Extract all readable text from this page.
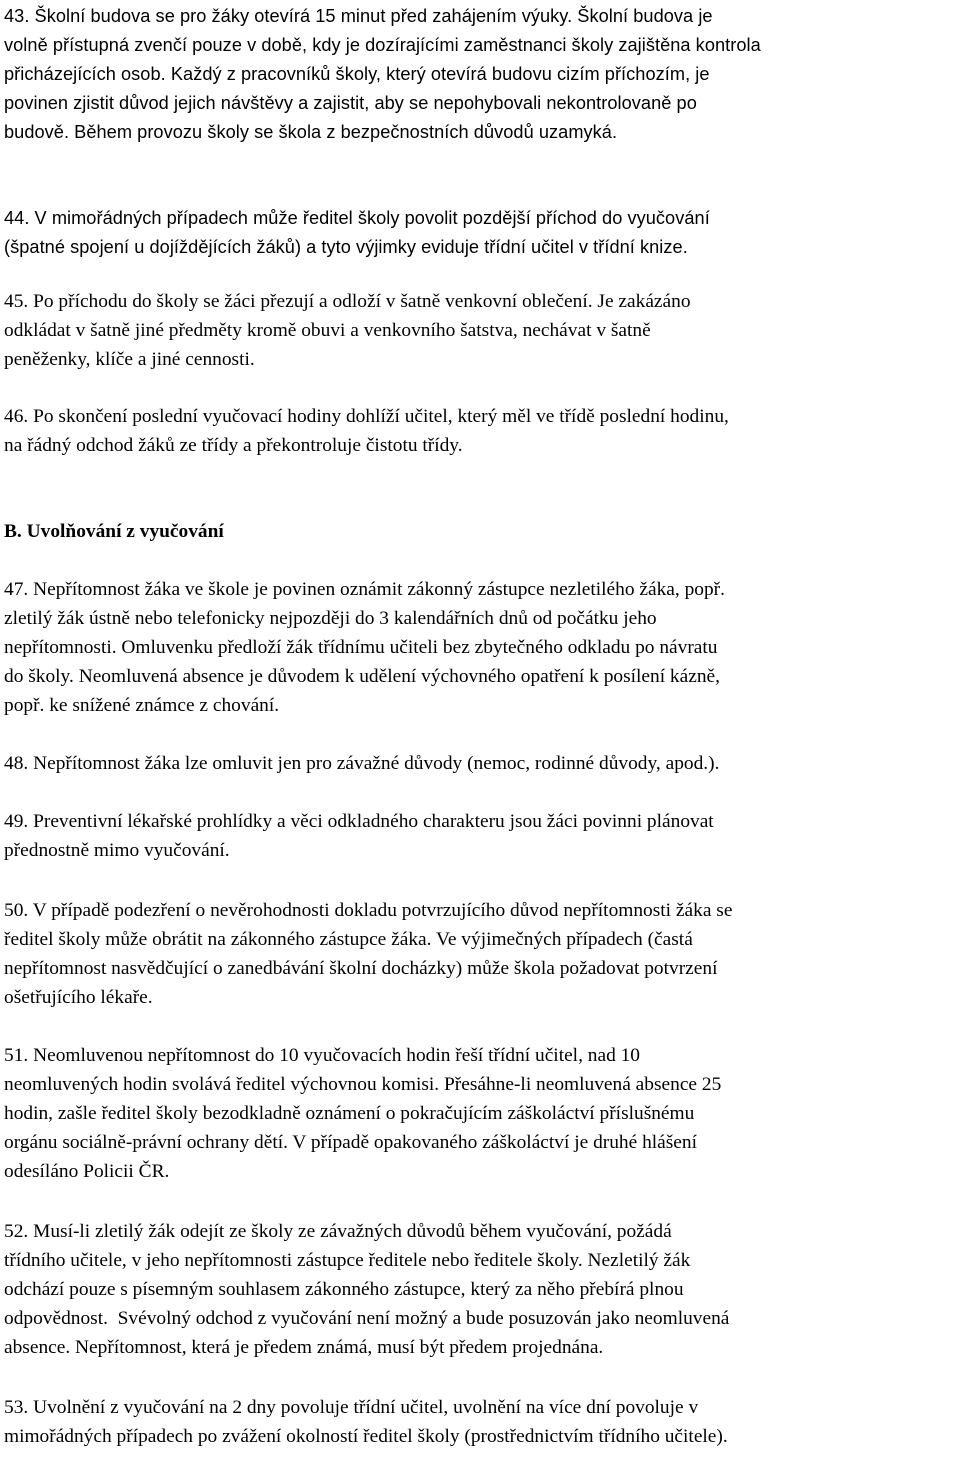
43. Školní budova se pro žáky otevírá 15 minut před zahájením výuky. Školní budova je
volně přístupná zvenčí pouze v době, kdy je dozírajícími zaměstnanci školy zajištěna kontrola
přicházejících osob. Každý z pracovníků školy, který otevírá budovu cizím příchozím, je
povinen zjistit důvod jejich návštěvy a zajistit, aby se nepohybovali nekontrolovaně po
budově. Během provozu školy se škola z bezpečnostních důvodů uzamyká.
44. V mimořádných případech může ředitel školy povolit pozdější příchod do vyučování
(špatné spojení u dojíždějících žáků) a tyto výjimky eviduje třídní učitel v třídní knize.
45. Po příchodu do školy se žáci přezují a odloží v šatně venkovní oblečení. Je zakázáno
odkládat v šatně jiné předměty kromě obuvi a venkovního šatstva, nechávat v šatně
peněženky, klíče a jiné cennosti.
46. Po skončení poslední vyučovací hodiny dohlíží učitel, který měl ve třídě poslední hodinu,
na řádný odchod žáků ze třídy a překontroluje čistotu třídy.
B. Uvolňování z vyučování
47. Nepřítomnost žáka ve škole je povinen oznámit zákonný zástupce nezletilého žáka, popř.
zletilý žák ústně nebo telefonicky nejpozději do 3 kalendářních dnů od počátku jeho
nepřítomnosti. Omluvenku předloží žák třídnímu učiteli bez zbytečného odkladu po návratu
do školy. Neomluvená absence je důvodem k udělení výchovného opatření k posílení kázně,
popř. ke snížené známce z chování.
48. Nepřítomnost žáka lze omluvit jen pro závažné důvody (nemoc, rodinné důvody, apod.).
49. Preventivní lékařské prohlídky a věci odkladného charakteru jsou žáci povinni plánovat
přednostně mimo vyučování.
50. V případě podezření o nevěrohodnosti dokladu potvrzujícího důvod nepřítomnosti žáka se
ředitel školy může obrátit na zákonného zástupce žáka. Ve výjimečných případech (častá
nepřítomnost nasvědčující o zanedbávání školní docházky) může škola požadovat potvrzení
ošetřujícího lékaře.
51. Neomluvenou nepřítomnost do 10 vyučovacích hodin řeší třídní učitel, nad 10
neomluvených hodin svolává ředitel výchovnou komisi. Přesáhne-li neomluvená absence 25
hodin, zašle ředitel školy bezodkladně oznámení o pokračujícím záškoláctví příslušnému
orgánu sociálně-právní ochrany dětí. V případě opakovaného záškoláctví je druhé hlášení
odesíláno Policii ČR.
52. Musí-li zletilý žák odejít ze školy ze závažných důvodů během vyučování, požádá
třídního učitele, v jeho nepřítomnosti zástupce ředitele nebo ředitele školy. Nezletilý žák
odchází pouze s písemným souhlasem zákonného zástupce, který za něho přebírá plnou
odpovědnost.  Svévolný odchod z vyučování není možný a bude posuzován jako neomluvená
absence. Nepřítomnost, která je předem známá, musí být předem projednána.
53. Uvolnění z vyučování na 2 dny povoluje třídní učitel, uvolnění na více dní povoluje v
mimořádných případech po zvážení okolností ředitel školy (prostřednictvím třídního učitele).
